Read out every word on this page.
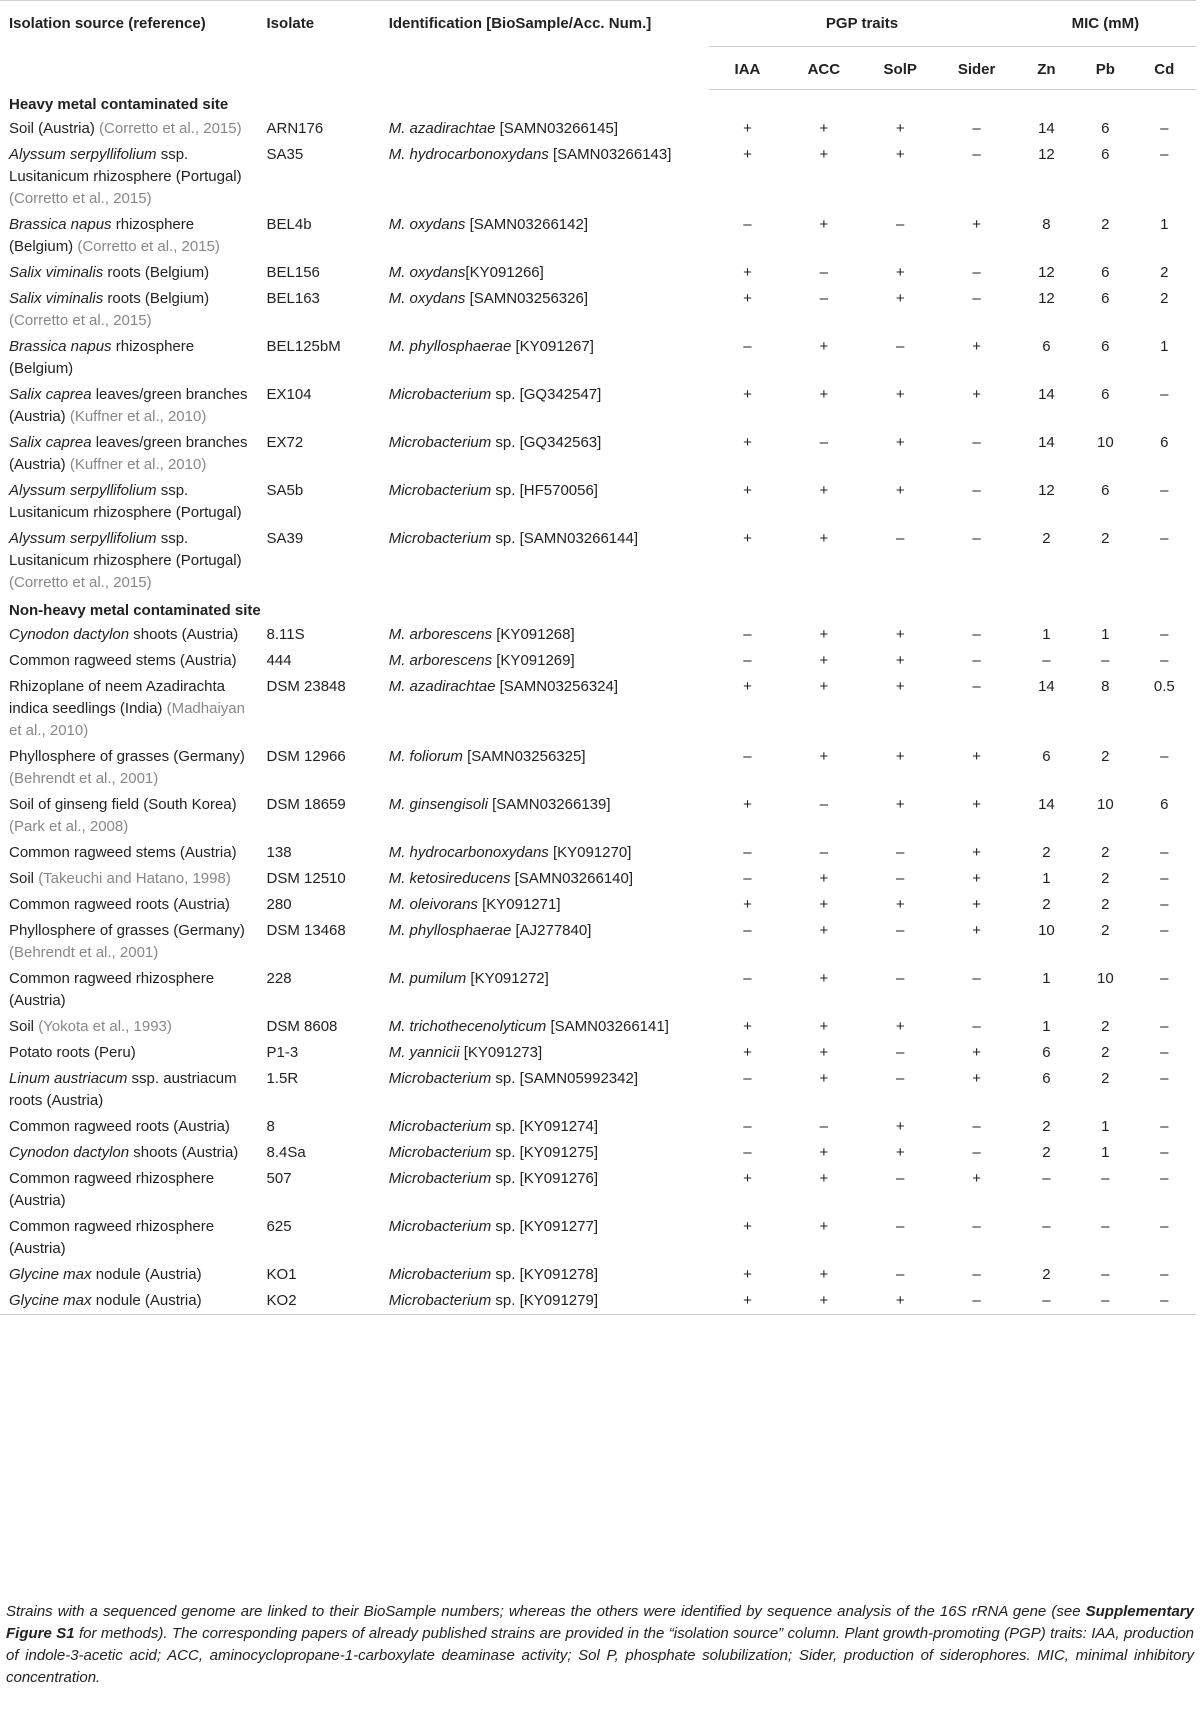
Isolation source (reference)	Isolate	Identification [BioSample/Acc. Num.]	PGP traits				MIC (mM)		
			IAA	ACC	SolP	Sider	Zn	Pb	Cd
Heavy metal contaminated site									
Soil (Austria) (Corretto et al., 2015)	ARN176	M. azadirachtae [SAMN03266145]	+	+	+	–	14	6	–
Alyssum serpyllifolium ssp. Lusitanicum rhizosphere (Portugal) (Corretto et al., 2015)	SA35	M. hydrocarbonoxydans [SAMN03266143]	+	+	+	–	12	6	–
Brassica napus rhizosphere (Belgium) (Corretto et al., 2015)	BEL4b	M. oxydans [SAMN03266142]	–	+	–	+	8	2	1
Salix viminalis roots (Belgium)	BEL156	M. oxydans[KY091266]	+	–	+	–	12	6	2
Salix viminalis roots (Belgium) (Corretto et al., 2015)	BEL163	M. oxydans [SAMN03256326]	+	–	+	–	12	6	2
Brassica napus rhizosphere (Belgium)	BEL125bM	M. phyllosphaerae [KY091267]	–	+	–	+	6	6	1
Salix caprea leaves/green branches (Austria) (Kuffner et al., 2010)	EX104	Microbacterium sp. [GQ342547]	+	+	+	+	14	6	–
Salix caprea leaves/green branches (Austria) (Kuffner et al., 2010)	EX72	Microbacterium sp. [GQ342563]	+	–	+	–	14	10	6
Alyssum serpyllifolium ssp. Lusitanicum rhizosphere (Portugal)	SA5b	Microbacterium sp. [HF570056]	+	+	+	–	12	6	–
Alyssum serpyllifolium ssp. Lusitanicum rhizosphere (Portugal) (Corretto et al., 2015)	SA39	Microbacterium sp. [SAMN03266144]	+	+	–	–	2	2	–
Non-heavy metal contaminated site									
Cynodon dactylon shoots (Austria)	8.11S	M. arborescens [KY091268]	–	+	+	–	1	1	–
Common ragweed stems (Austria)	444	M. arborescens [KY091269]	–	+	+	–	–	–	–
Rhizoplane of neem Azadirachta indica seedlings (India) (Madhaiyan et al., 2010)	DSM 23848	M. azadirachtae [SAMN03256324]	+	+	+	–	14	8	0.5
Phyllosphere of grasses (Germany) (Behrendt et al., 2001)	DSM 12966	M. foliorum [SAMN03256325]	–	+	+	+	6	2	–
Soil of ginseng field (South Korea) (Park et al., 2008)	DSM 18659	M. ginsengisoli [SAMN03266139]	+	–	+	+	14	10	6
Common ragweed stems (Austria)	138	M. hydrocarbonoxydans [KY091270]	–	–	–	+	2	2	–
Soil (Takeuchi and Hatano, 1998)	DSM 12510	M. ketosireducens [SAMN03266140]	–	+	–	+	1	2	–
Common ragweed roots (Austria)	280	M. oleivorans [KY091271]	+	+	+	+	2	2	–
Phyllosphere of grasses (Germany) (Behrendt et al., 2001)	DSM 13468	M. phyllosphaerae [AJ277840]	–	+	–	+	10	2	–
Common ragweed rhizosphere (Austria)	228	M. pumilum [KY091272]	–	+	–	–	1	10	–
Soil (Yokota et al., 1993)	DSM 8608	M. trichothecenolyticum [SAMN03266141]	+	+	+	–	1	2	–
Potato roots (Peru)	P1-3	M. yannicii [KY091273]	+	+	–	+	6	2	–
Linum austriacum ssp. austriacum roots (Austria)	1.5R	Microbacterium sp. [SAMN05992342]	–	+	–	+	6	2	–
Common ragweed roots (Austria)	8	Microbacterium sp. [KY091274]	–	–	+	–	2	1	–
Cynodon dactylon shoots (Austria)	8.4Sa	Microbacterium sp. [KY091275]	–	+	+	–	2	1	–
Common ragweed rhizosphere (Austria)	507	Microbacterium sp. [KY091276]	+	+	–	+	–	–	–
Common ragweed rhizosphere (Austria)	625	Microbacterium sp. [KY091277]	+	+	–	–	–	–	–
Glycine max nodule (Austria)	KO1	Microbacterium sp. [KY091278]	+	+	–	–	2	–	–
Glycine max nodule (Austria)	KO2	Microbacterium sp. [KY091279]	+	+	+	–	–	–	–

Strains with a sequenced genome are linked to their BioSample numbers; whereas the others were identified by sequence analysis of the 16S rRNA gene (see Supplementary Figure S1 for methods). The corresponding papers of already published strains are provided in the “isolation source” column. Plant growth-promoting (PGP) traits: IAA, production of indole-3-acetic acid; ACC, aminocyclopropane-1-carboxylate deaminase activity; Sol P, phosphate solubilization; Sider, production of siderophores. MIC, minimal inhibitory concentration.
